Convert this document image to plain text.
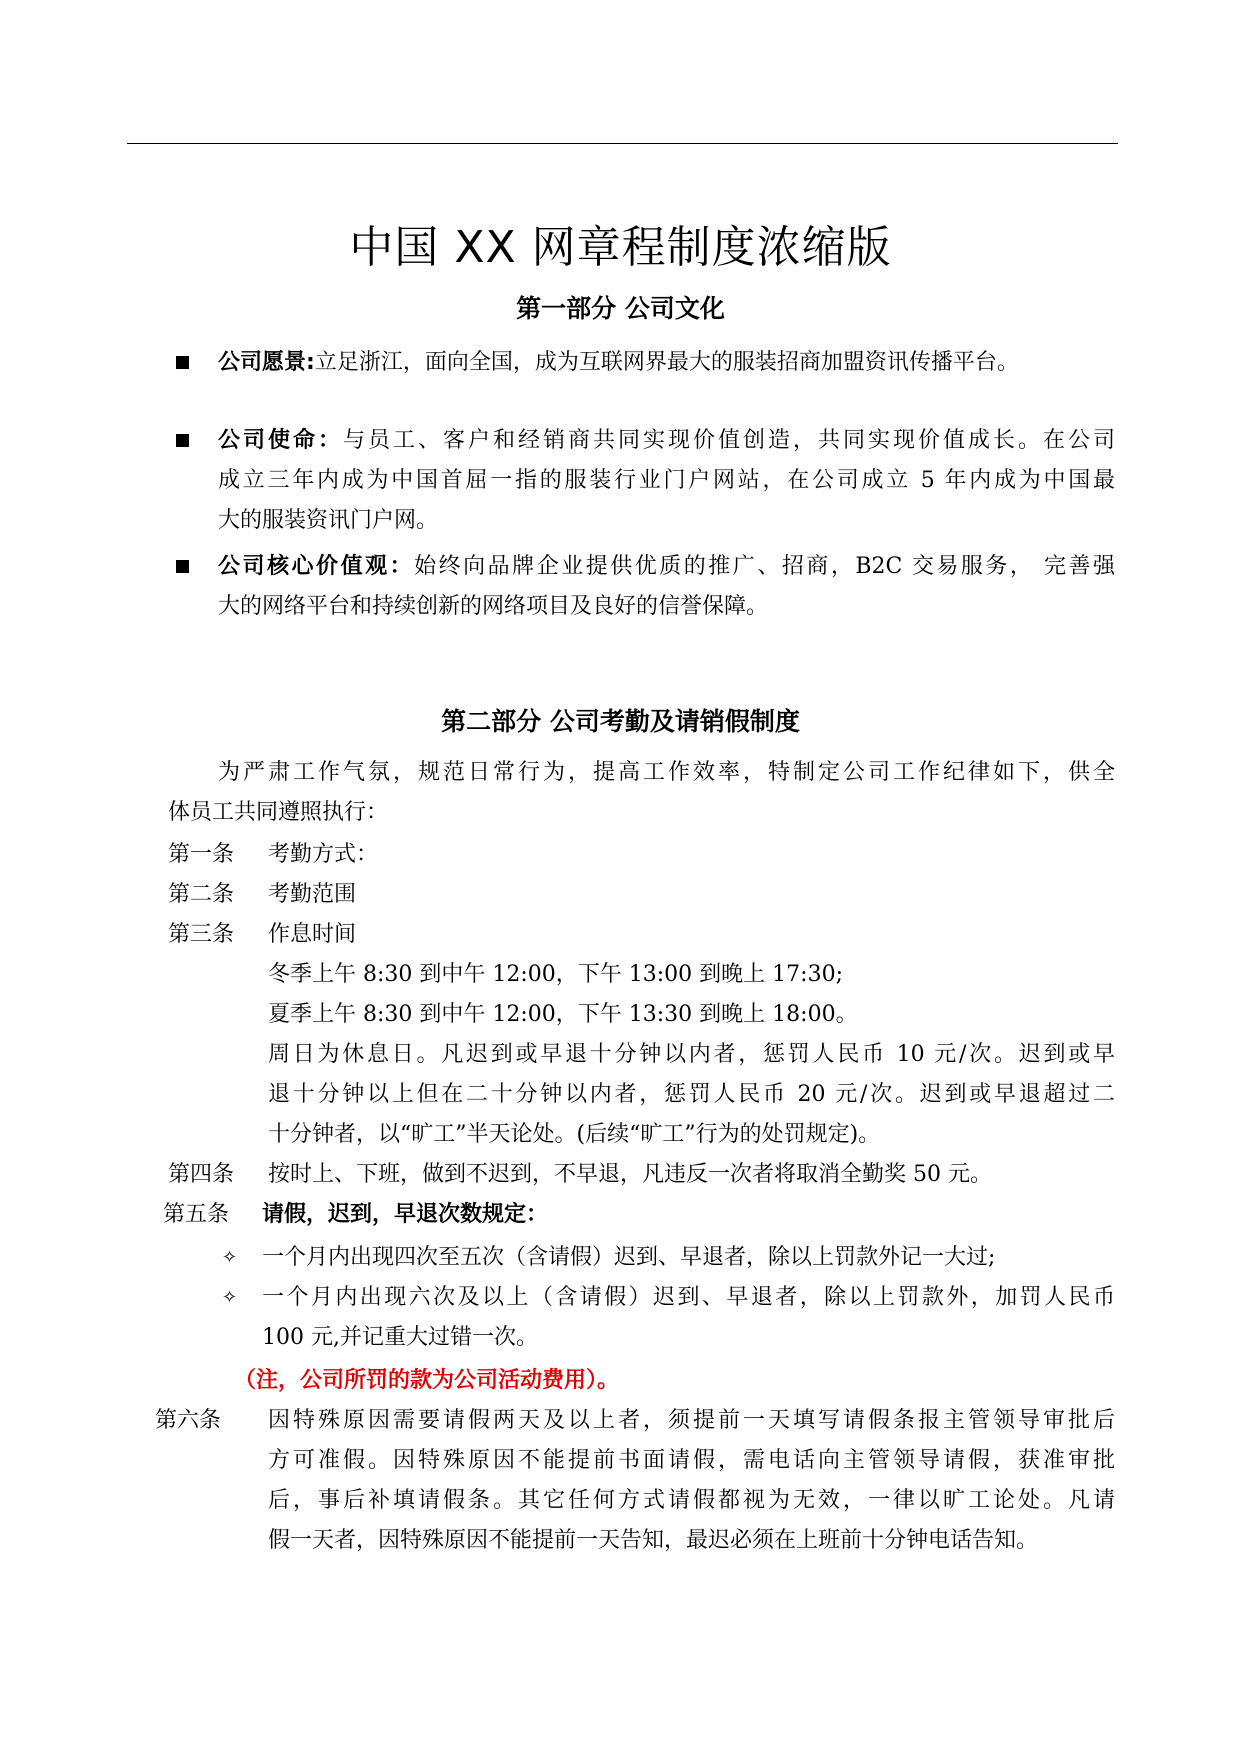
中国 XX 网章程制度浓缩版
第一部分 公司文化
公司愿景:立足浙江，面向全国，成为互联网界最大的服装招商加盟资讯传播平台。
公司使命：与员工、客户和经销商共同实现价值创造，共同实现价值成长。在公司
成立三年内成为中国首屈一指的服装行业门户网站，在公司成立 5 年内成为中国最
大的服装资讯门户网。
公司核心价值观：始终向品牌企业提供优质的推广、招商，B2C 交易服务， 完善强
大的网络平台和持续创新的网络项目及良好的信誉保障。
第二部分 公司考勤及请销假制度
为严肃工作气氛，规范日常行为，提高工作效率，特制定公司工作纪律如下，供全
体员工共同遵照执行：
第一条 考勤方式：
第二条 考勤范围
第三条 作息时间
冬季上午 8:30 到中午 12:00，下午 13:00 到晚上 17:30;
夏季上午 8:30 到中午 12:00，下午 13:30 到晚上 18:00。
周日为休息日。凡迟到或早退十分钟以内者，惩罚人民币 10 元/次。迟到或早
退十分钟以上但在二十分钟以内者，惩罚人民币 20 元/次。迟到或早退超过二
十分钟者，以“旷工”半天论处。(后续“旷工”行为的处罚规定)。
第四条 按时上、下班，做到不迟到，不早退，凡违反一次者将取消全勤奖 50 元。
第五条 请假，迟到，早退次数规定：
✧ 一个月内出现四次至五次（含请假）迟到、早退者，除以上罚款外记一大过;
✧ 一个月内出现六次及以上（含请假）迟到、早退者，除以上罚款外，加罚人民币
100 元,并记重大过错一次。
（注，公司所罚的款为公司活动费用）。
第六条 因特殊原因需要请假两天及以上者，须提前一天填写请假条报主管领导审批后
方可准假。因特殊原因不能提前书面请假，需电话向主管领导请假，获准审批
后，事后补填请假条。其它任何方式请假都视为无效，一律以旷工论处。凡请
假一天者，因特殊原因不能提前一天告知，最迟必须在上班前十分钟电话告知。
